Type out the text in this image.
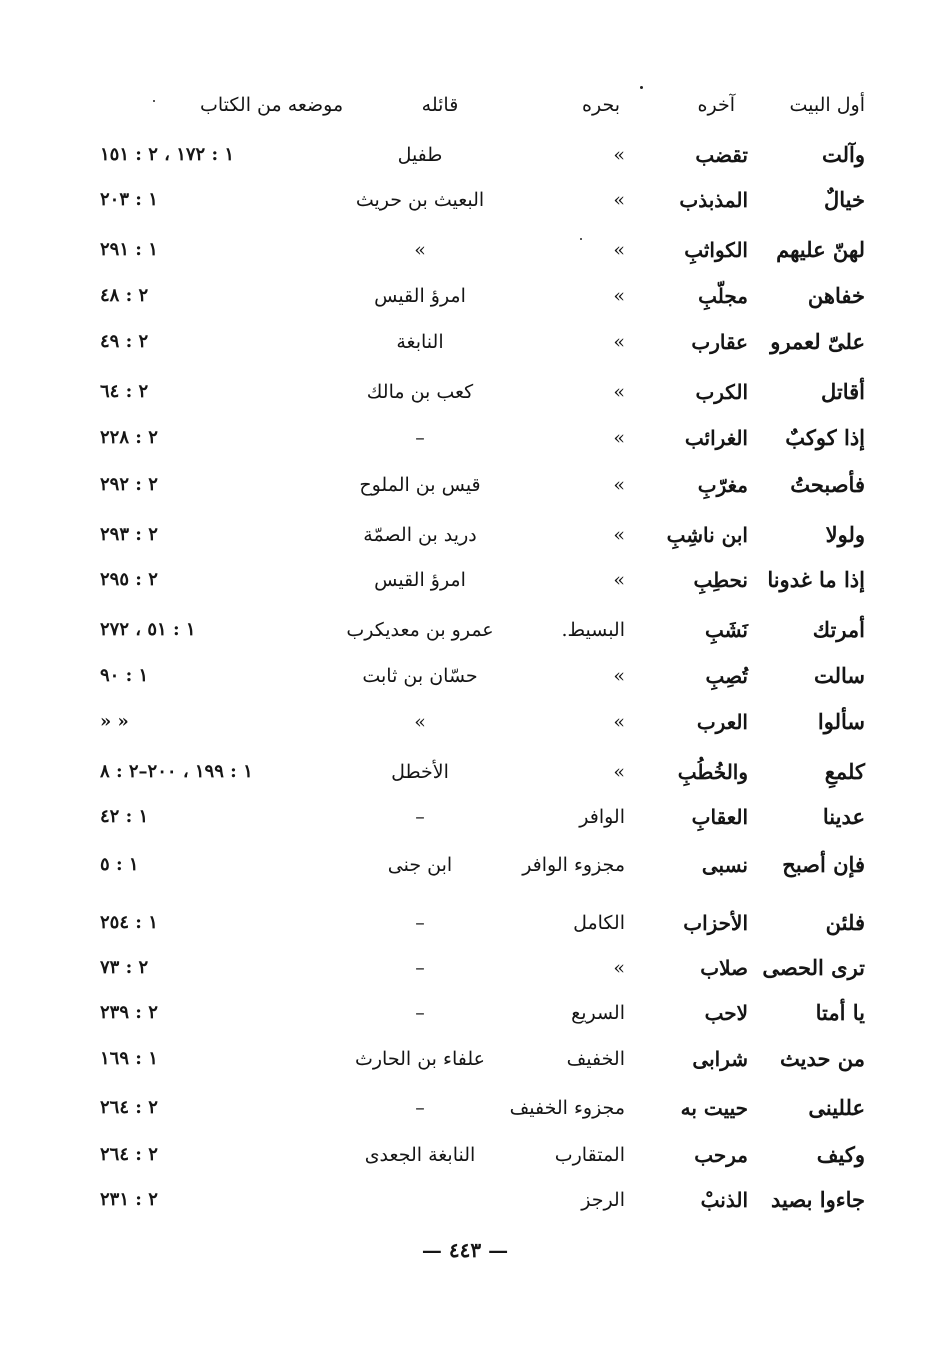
أول البيت
آخره
بحره
قائله
موضعه من الكتاب
وآلت
تقضب
»
طفيل
١ : ١٧٢ ، ٢ : ١٥١
خيالٌ
المذبذب
»
البعيث بن حريث
١ : ٢٠٣
لهنّ عليهم
الكواثبِ
»
»
١ : ٢٩١
خفاهن
مجلّبِ
»
امرؤ القيس
٢ : ٤٨
علىّ لعمرو
عقارب
»
النابغة
٢ : ٤٩
أقاتل
الكرب
»
كعب بن مالك
٢ : ٦٤
إذا كوكبٌ
الغرائب
»
–
٢ : ٢٢٨
فأصبحتُ
مغرّبِ
»
قيس بن الملوح
٢ : ٢٩٢
ولولا
ابن ناشِبِ
»
دريد بن الصمّة
٢ : ٢٩٣
إذا ما غدونا
نحطِبِ
»
امرؤ القيس
٢ : ٢٩٥
أمرتك
نَشَبِ
البسيط.
عمرو بن معديكرب
١ : ٥١ ، ٢٧٢
سالت
تُصِبِ
»
حسّان بن ثابت
١ : ٩٠
سألوا
العرب
»
»
» »
كلمعِ
والخُطُبِ
»
الأخطل
١ : ١٩٩ ، ٢٠٠–٢ : ٨
عدينا
العقابِ
الوافر
–
١ : ٤٢
فإن أصبح
نسبى
مجزوء الوافر
ابن جنى
١ : ٥
فلئن
الأحزاب
الكامل
–
١ : ٢٥٤
ترى الحصى
صلاب
»
–
٢ : ٧٣
يا أمتا
لاحب
السريع
–
٢ : ٢٣٩
من حديث
شرابى
الخفيف
علفاء بن الحارث
١ : ١٦٩
عللينى
حييت به
مجزوء الخفيف
–
٢ : ٢٦٤
وكيف
مرحب
المتقارب
النابغة الجعدى
٢ : ٢٦٤
جاءوا بصيد
الذنبْ
الرجز
٢ : ٢٣١
— ٤٤٣ —
